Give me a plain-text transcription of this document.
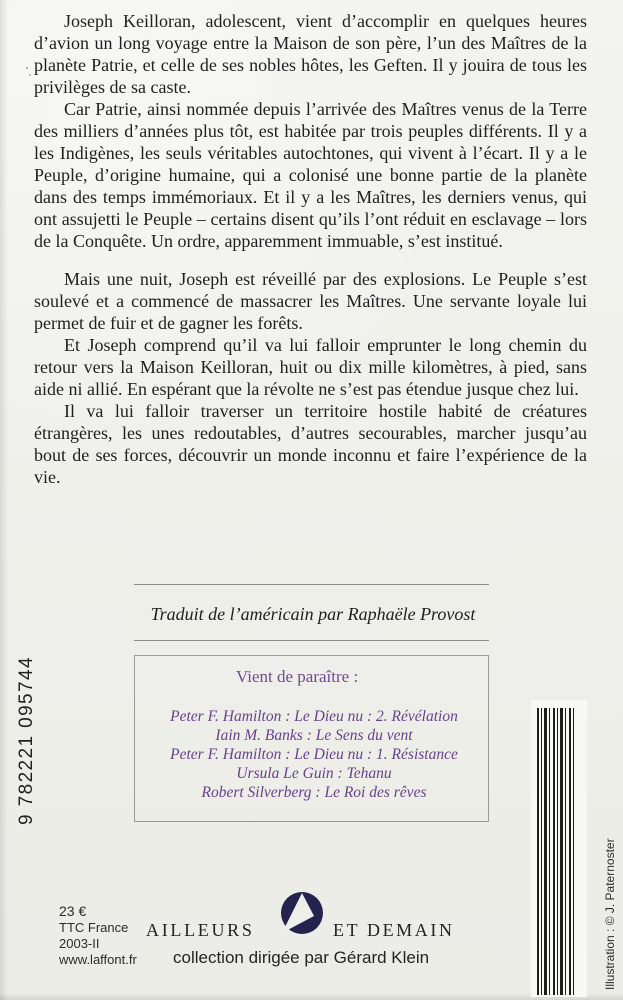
Joseph Keilloran, adolescent, vient d’accomplir en quelques heures d’avion un long voyage entre la Maison de son père, l’un des Maîtres de la planète Patrie, et celle de ses nobles hôtes, les Geften. Il y jouira de tous les privilèges de sa caste.

Car Patrie, ainsi nommée depuis l’arrivée des Maîtres venus de la Terre des milliers d’années plus tôt, est habitée par trois peuples différents. Il y a les Indigènes, les seuls véritables autochtones, qui vivent à l’écart. Il y a le Peuple, d’origine humaine, qui a colonisé une bonne partie de la planète dans des temps immémoriaux. Et il y a les Maîtres, les derniers venus, qui ont assujetti le Peuple – certains disent qu’ils l’ont réduit en esclavage – lors de la Conquête. Un ordre, apparemment immuable, s’est institué.

Mais une nuit, Joseph est réveillé par des explosions. Le Peuple s’est soulevé et a commencé de massacrer les Maîtres. Une servante loyale lui permet de fuir et de gagner les forêts.

Et Joseph comprend qu’il va lui falloir emprunter le long chemin du retour vers la Maison Keilloran, huit ou dix mille kilomètres, à pied, sans aide ni allié. En espérant que la révolte ne s’est pas étendue jusque chez lui.

Il va lui falloir traverser un territoire hostile habité de créatures étrangères, les unes redoutables, d’autres secourables, marcher jusqu’au bout de ses forces, découvrir un monde inconnu et faire l’expérience de la vie.

Traduit de l’américain par Raphaële Provost
Vient de paraître :
Peter F. Hamilton : Le Dieu nu : 2. Révélation
Iain M. Banks : Le Sens du vent
Peter F. Hamilton : Le Dieu nu : 1. Résistance
Ursula Le Guin : Tehanu
Robert Silverberg : Le Roi des rêves
23 €
TTC France
2003-II
www.laffont.fr
AILLEURS	ET DEMAIN
collection dirigée par Gérard Klein
9 782221 095744
Illustration : © J. Paternoster
